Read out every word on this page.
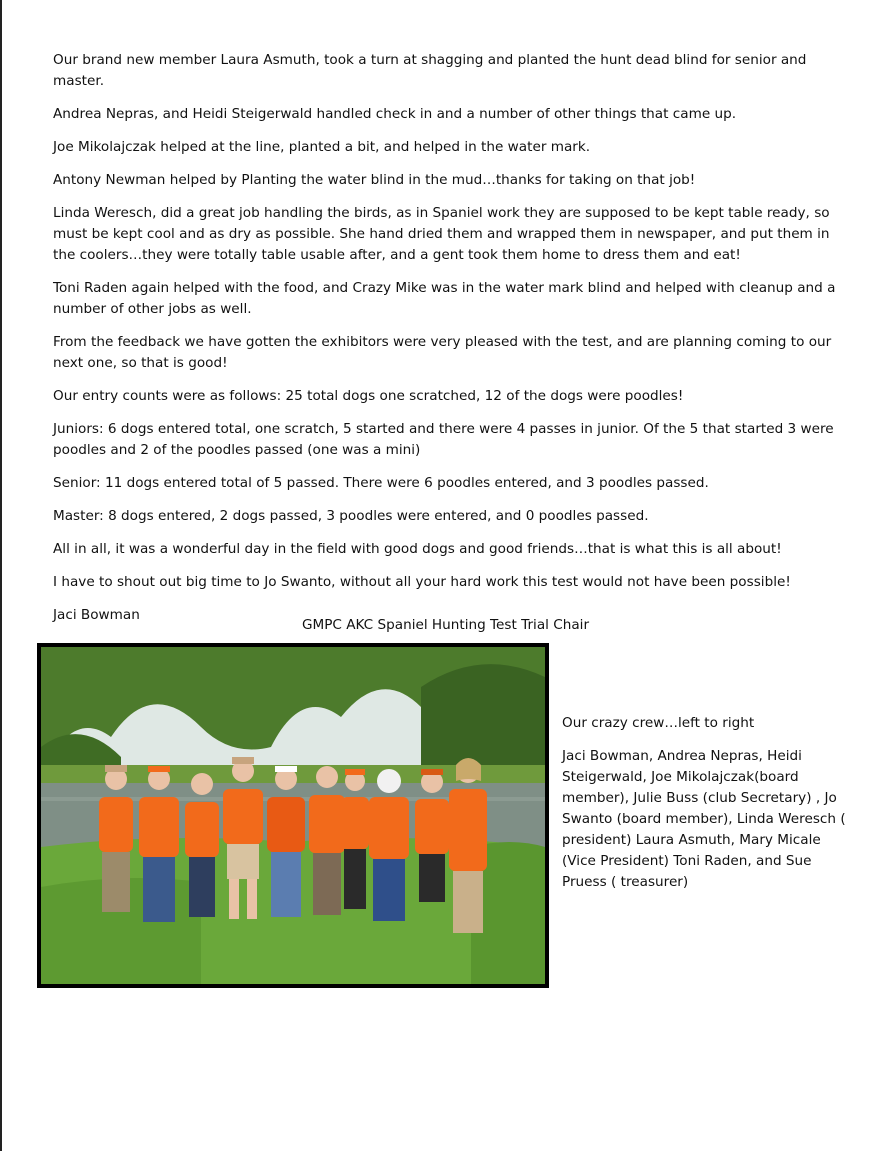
Our brand new member Laura Asmuth, took a turn at shagging and planted the hunt dead blind for senior and master.

Andrea Nepras, and Heidi Steigerwald handled check in and a number of other things that came up.

Joe Mikolajczak helped at the line, planted a bit, and helped in the water mark.

Antony Newman helped by Planting the water blind in the mud…thanks for taking on that job!

Linda Weresch, did a great job handling the birds, as in Spaniel work they are supposed to be kept table ready, so must be kept cool and as dry as possible. She hand dried them and wrapped them in newspaper, and put them in the coolers…they were totally table usable after, and a gent took them home to dress them and eat!

Toni Raden again helped with the food, and Crazy Mike was in the water mark blind and helped with cleanup and a number of other jobs as well.

From the feedback we have gotten the exhibitors were very pleased with the test, and are planning coming to our next one, so that is good!

Our entry counts were as follows: 25 total dogs one scratched, 12 of the dogs were poodles!

Juniors: 6 dogs entered total, one scratch, 5 started and there were 4 passes in junior. Of the 5 that started 3 were poodles and 2 of the poodles passed (one was a mini)

Senior: 11 dogs entered total of 5 passed. There were 6 poodles entered, and 3 poodles passed.

Master: 8 dogs entered, 2 dogs passed, 3 poodles were entered, and 0 poodles passed.

All in all, it was a wonderful day in the field with good dogs and good friends…that is what this is all about!

I have to shout out big time to Jo Swanto, without all your hard work this test would not have been possible!

Jaci Bowman

GMPC AKC Spaniel Hunting Test Trial Chair

Our crazy crew…left to right

Jaci Bowman, Andrea Nepras, Heidi Steigerwald, Joe Mikolajczak(board member), Julie Buss (club Secretary) , Jo Swanto (board member), Linda Weresch ( president) Laura Asmuth, Mary Micale (Vice President) Toni Raden, and Sue Pruess ( treasurer)
